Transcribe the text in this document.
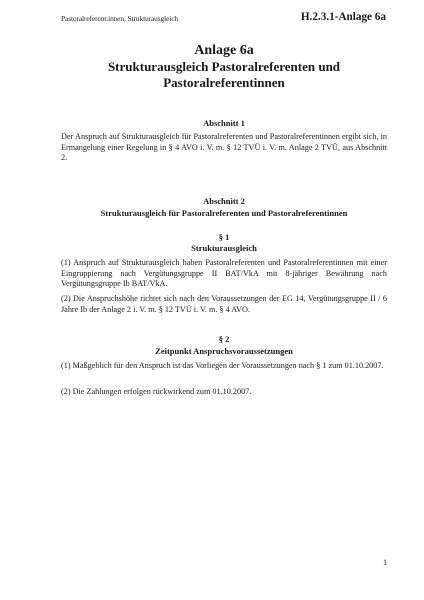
Pastoralreferent:innen. Strukturausgleich	H.2.3.1-Anlage 6a
Anlage 6a
Strukturausgleich Pastoralreferenten und
Pastoralreferentinnen
Abschnitt 1

Der Anspruch auf Strukturausgleich für Pastoralreferenten und Pastoralreferentinnen ergibt sich, in Ermangelung einer Regelung in § 4 AVO i. V. m. § 12 TVÜ i. V. m. Anlage 2 TVÜ, aus Abschnitt 2.

Abschnitt 2
Strukturausgleich für Pastoralreferenten und Pastoralreferentinnen
§ 1
Strukturausgleich

(1) Anspruch auf Strukturausgleich haben Pastoralreferenten und Pastoralreferentinnen mit einer Eingruppierung nach Vergütungsgruppe II BAT/VkA mit 8-jähriger Bewährung nach Vergütungsgruppe Ib BAT/VkA.

(2) Die Anspruchshöhe richtet sich nach den Voraussetzungen der EG 14, Vergütungsgruppe II / 6 Jahre Ib der Anlage 2 i. V. m. § 12 TVÜ i. V. m. § 4 AVO.

§ 2
Zeitpunkt Anspruchsvoraussetzungen

(1) Maßgeblich für den Anspruch ist das Vorliegen der Voraussetzungen nach § 1 zum 01.10.2007.

(2) Die Zahlungen erfolgen rückwirkend zum 01.10.2007.

1
